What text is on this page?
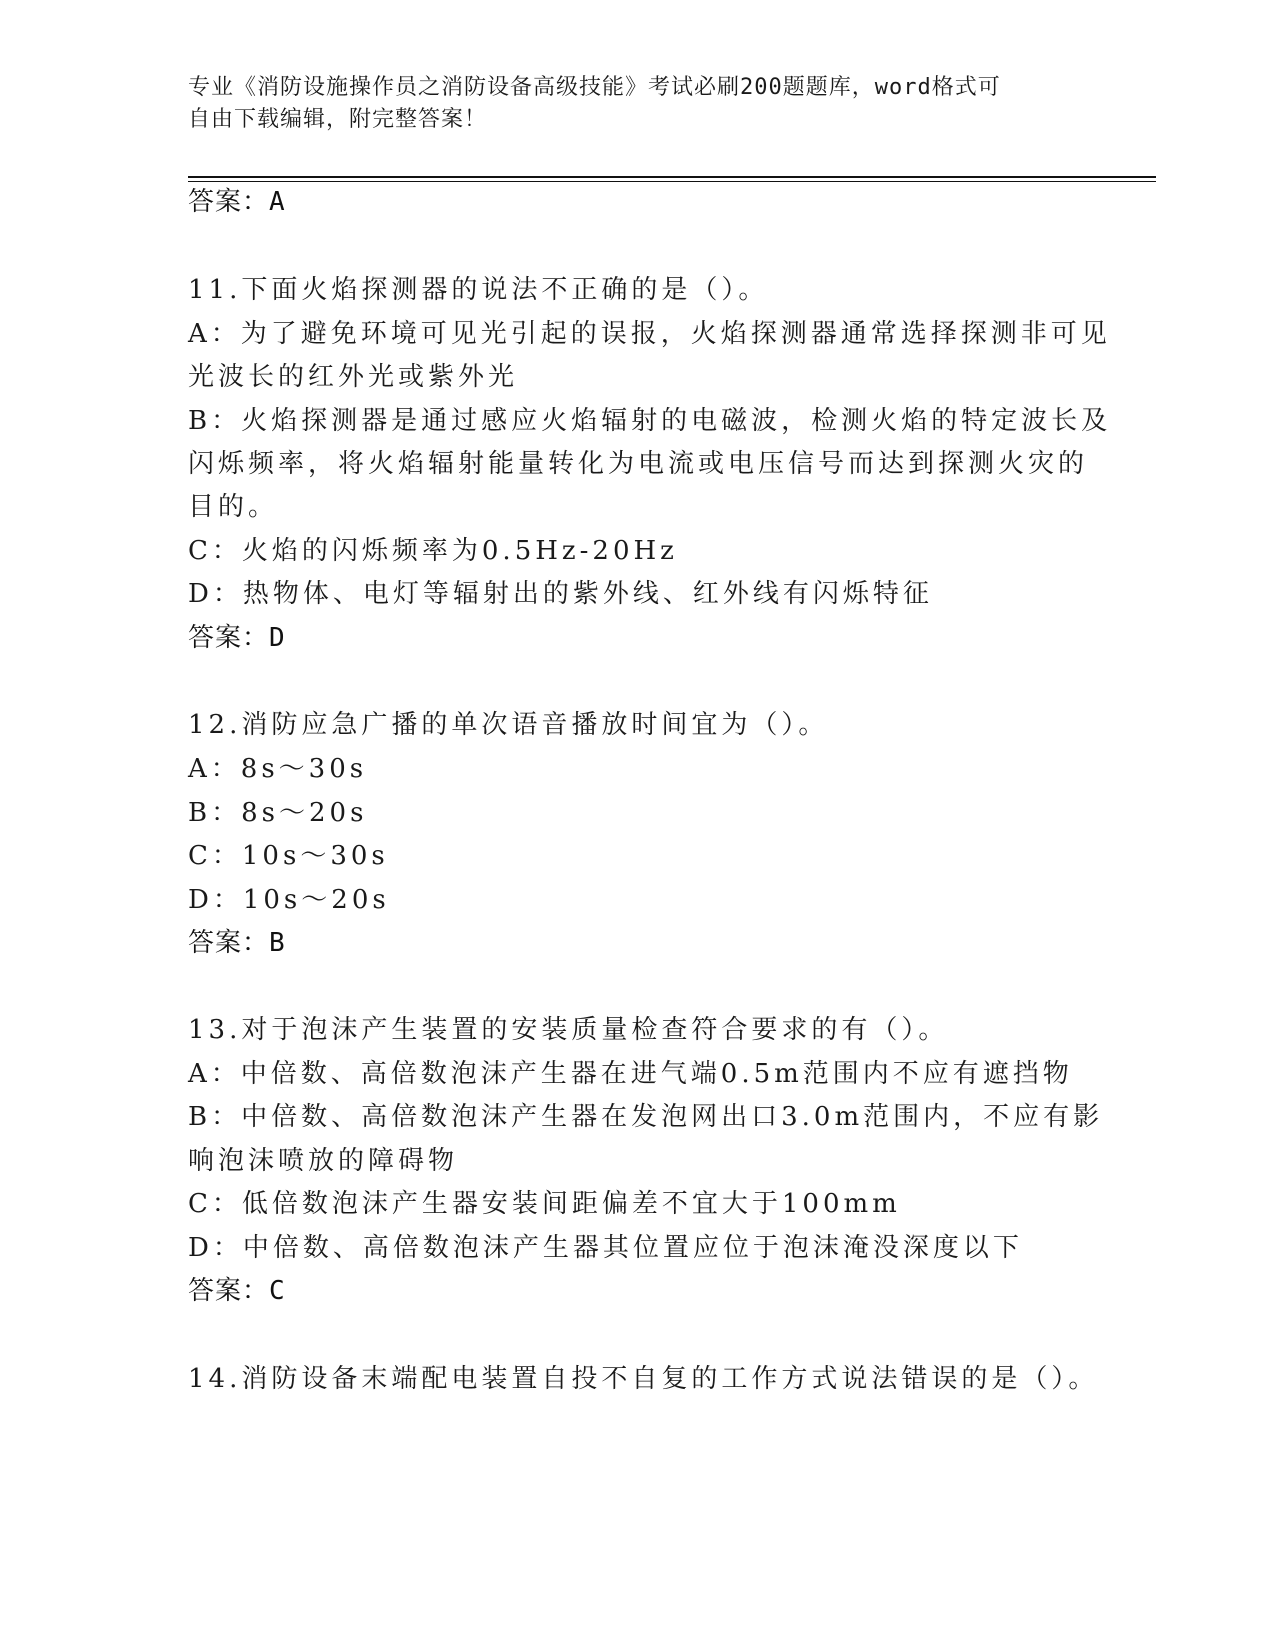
专业《消防设施操作员之消防设备高级技能》考试必刷200题题库，word格式可
自由下载编辑，附完整答案！
答案：A
11.下面火焰探测器的说法不正确的是（）。
A：为了避免环境可见光引起的误报，火焰探测器通常选择探测非可见
光波长的红外光或紫外光
B：火焰探测器是通过感应火焰辐射的电磁波，检测火焰的特定波长及
闪烁频率，将火焰辐射能量转化为电流或电压信号而达到探测火灾的
目的。
C：火焰的闪烁频率为0.5Hz-20Hz
D：热物体、电灯等辐射出的紫外线、红外线有闪烁特征
答案：D
12.消防应急广播的单次语音播放时间宜为（）。
A：8s～30s
B：8s～20s
C：10s～30s
D：10s～20s
答案：B
13.对于泡沫产生装置的安装质量检查符合要求的有（）。
A：中倍数、高倍数泡沫产生器在进气端0.5m范围内不应有遮挡物
B：中倍数、高倍数泡沫产生器在发泡网出口3.0m范围内，不应有影
响泡沫喷放的障碍物
C：低倍数泡沫产生器安装间距偏差不宜大于100mm
D：中倍数、高倍数泡沫产生器其位置应位于泡沫淹没深度以下
答案：C
14.消防设备末端配电装置自投不自复的工作方式说法错误的是（）。
